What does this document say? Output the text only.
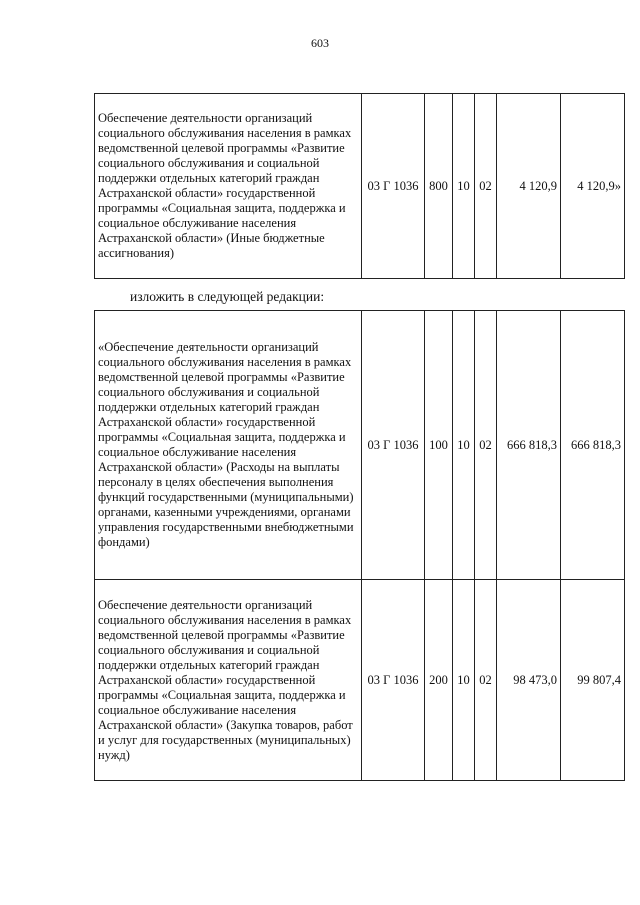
603
Обеспечение деятельности организаций социального обслуживания населения в рамках ведомственной целевой программы «Развитие социального обслуживания и социальной поддержки отдельных категорий граждан Астраханской области» государственной программы «Социальная защита, поддержка и социальное обслуживание населения Астраханской области» (Иные бюджетные ассигнования)	03 Г 1036	800	10	02	4 120,9	4 120,9»
изложить в следующей редакции:
«Обеспечение деятельности организаций социального обслуживания населения в рамках ведомственной целевой программы «Развитие социального обслуживания и социальной поддержки отдельных категорий граждан Астраханской области» государственной программы «Социальная защита, поддержка и социальное обслуживание населения Астраханской области» (Расходы на выплаты персоналу в целях обеспечения выполнения функций государственными (муниципальными) органами, казенными учреждениями, органами управления государственными внебюджетными фондами)	03 Г 1036	100	10	02	666 818,3	666 818,3
Обеспечение деятельности организаций социального обслуживания населения в рамках ведомственной целевой программы «Развитие социального обслуживания и социальной поддержки отдельных категорий граждан Астраханской области» государственной программы «Социальная защита, поддержка и социальное обслуживание населения Астраханской области» (Закупка товаров, работ и услуг для государственных (муниципальных) нужд)	03 Г 1036	200	10	02	98 473,0	99 807,4
